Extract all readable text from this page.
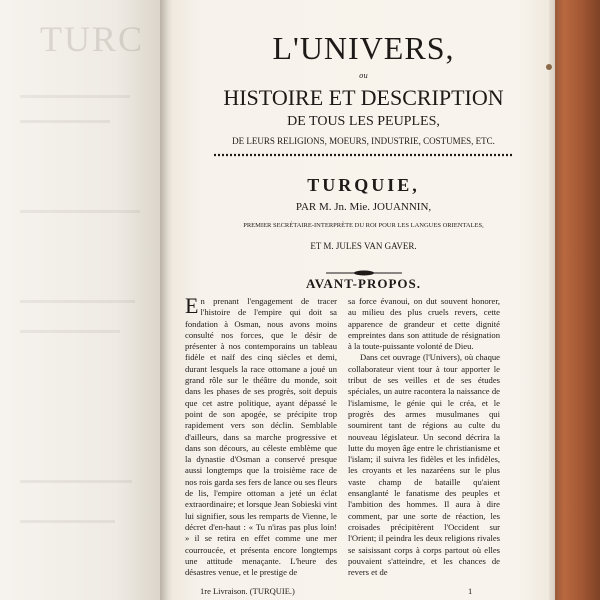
TURC	L'UNIVERS,
ou
HISTOIRE ET DESCRIPTION
DE TOUS LES PEUPLES,
DE LEURS RELIGIONS, MOEURS, INDUSTRIE, COSTUMES, ETC.
TURQUIE,
PAR M. Jn. Mie. JOUANNIN,
PREMIER SECRÉTAIRE-INTERPRÈTE DU ROI POUR LES LANGUES ORIENTALES,
ET M. JULES VAN GAVER.
AVANT-PROPOS.

En prenant l'engagement de tracer l'histoire de l'empire qui doit sa fondation à Osman, nous avons moins consulté nos forces, que le désir de présenter à nos contemporains un tableau fidèle et naïf des cinq siècles et demi, durant lesquels la race ottomane a joué un grand rôle sur le théâtre du monde, soit dans les phases de ses progrès, soit depuis que cet astre politique, ayant dépassé le point de son apogée, se précipite trop rapidement vers son déclin. Semblable d'ailleurs, dans sa marche progressive et dans son décours, au céleste emblème que la dynastie d'Osman a conservé presque aussi longtemps que la troisième race de nos rois garda ses fers de lance ou ses fleurs de lis, l'empire ottoman a jeté un éclat extraordinaire; et lorsque Jean Sobieski vint lui signifier, sous les remparts de Vienne, le décret d'en-haut : « Tu n'iras pas plus loin! » il se retira en effet comme une mer courroucée, et présenta encore longtemps une attitude menaçante. L'heure des désastres venue, et le prestige de

sa force évanoui, on dut souvent honorer, au milieu des plus cruels revers, cette apparence de grandeur et cette dignité empreintes dans son attitude de résignation à la toute-puissante volonté de Dieu.

Dans cet ouvrage (l'Univers), où chaque collaborateur vient tour à tour apporter le tribut de ses veilles et de ses études spéciales, un autre racontera la naissance de l'islamisme, le génie qui le créa, et le progrès des armes musulmanes qui soumirent tant de régions au culte du nouveau législateur. Un second décrira la lutte du moyen âge entre le christianisme et l'islam; il suivra les fidèles et les infidèles, les croyants et les nazaréens sur le plus vaste champ de bataille qu'aient ensanglanté le fanatisme des peuples et l'ambition des hommes. Il aura à dire comment, par une sorte de réaction, les croisades précipitèrent l'Occident sur l'Orient; il peindra les deux religions rivales se saisissant corps à corps partout où elles pouvaient s'atteindre, et les chances de revers et de

1re Livraison. (TURQUIE.)	1
